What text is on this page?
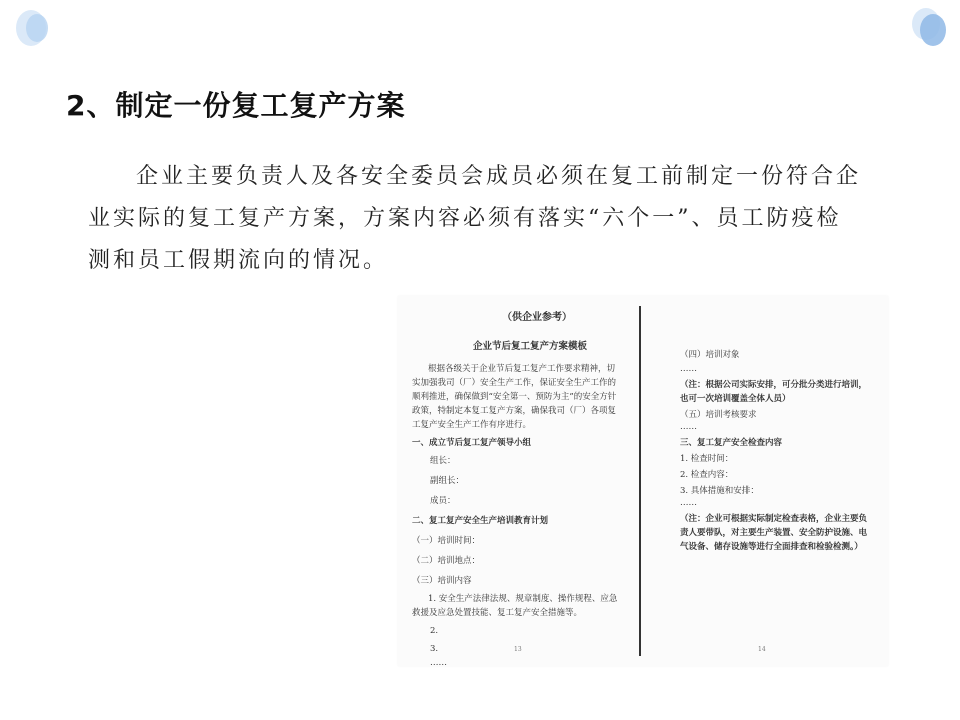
2、制定一份复工复产方案
企业主要负责人及各安全委员会成员必须在复工前制定一份符合企业实际的复工复产方案，方案内容必须有落实“六个一”、员工防疫检测和员工假期流向的情况。
（供企业参考）
企业节后复工复产方案模板
根据各级关于企业节后复工复产工作要求精神，切实加强我司（厂）安全生产工作，保证安全生产工作的顺利推进，确保做到“安全第一、预防为主”的安全方针政策，特制定本复工复产方案，确保我司（厂）各项复工复产安全生产工作有序进行。
一、成立节后复工复产领导小组
组长：
副组长：
成员：
二、复工复产安全生产培训教育计划
（一）培训时间：
（二）培训地点：
（三）培训内容
1. 安全生产法律法规、规章制度、操作规程、应急救援及应急处置技能、复工复产安全措施等。
2.
3.
……
13
（四）培训对象
……
（注：根据公司实际安排，可分批分类进行培训，也可一次培训覆盖全体人员）
（五）培训考核要求
……
三、复工复产安全检查内容
1. 检查时间：
2. 检查内容：
3. 具体措施和安排：
……
（注：企业可根据实际制定检查表格，企业主要负责人要带队，对主要生产装置、安全防护设施、电气设备、储存设施等进行全面排查和检验检测。）
14
